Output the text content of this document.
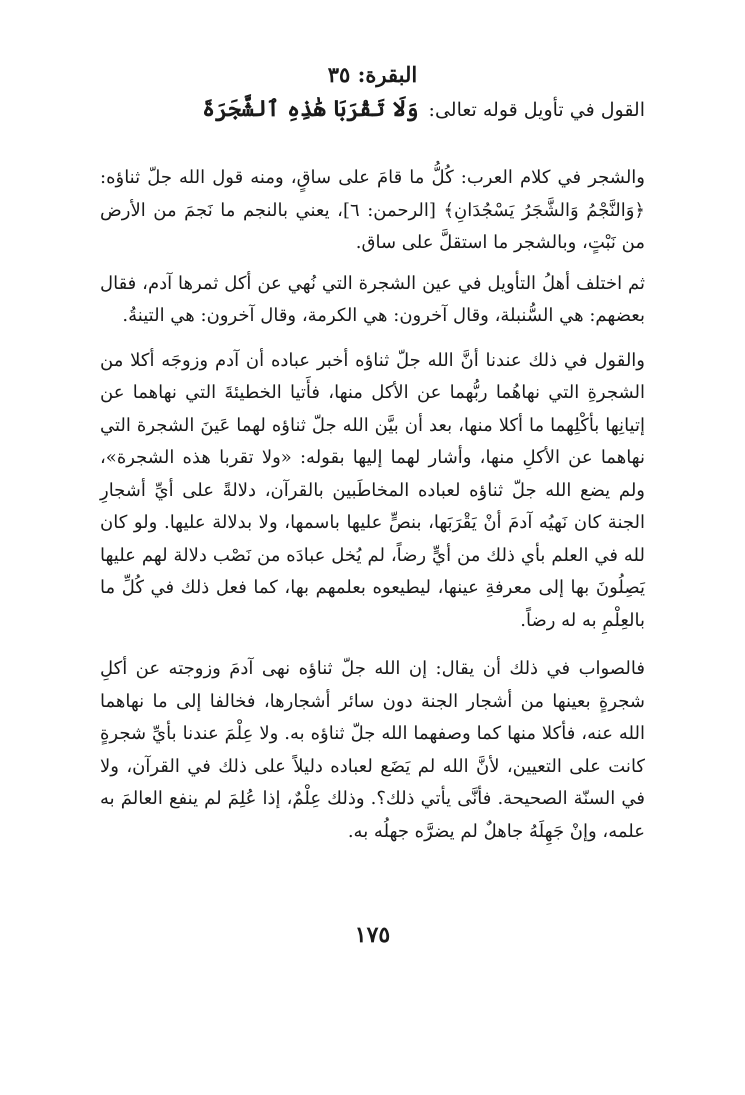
البقرة: ٣٥
القول في تأويل قوله تعالى: وَلَا تَقْرَبَا هَٰذِهِ ٱلشَّجَرَةَ

والشجر في كلام العرب: كُلُّ ما قامَ على ساقٍ، ومنه قول الله جلّ ثناؤه: ﴿وَالنَّجْمُ وَالشَّجَرُ يَسْجُدَانِ﴾ [الرحمن: ٦]، يعني بالنجم ما نَجمَ من الأرض من نَبْتٍ، وبالشجر ما استقلَّ على ساق.

ثم اختلف أهلُ التأويل في عين الشجرة التي نُهي عن أكل ثمرها آدم، فقال بعضهم: هي السُّنبلة، وقال آخرون: هي الكرمة، وقال آخرون: هي التينةُ.

والقول في ذلك عندنا أنَّ الله جلّ ثناؤه أخبر عباده أن آدم وزوجَه أكلا من الشجرةِ التي نهاهُما ربُّهما عن الأكل منها، فأَتيا الخطيئةَ التي نهاهما عن إتيانِها بأكْلِهما ما أكلا منها، بعد أن بيَّن الله جلّ ثناؤه لهما عَينَ الشجرة التي نهاهما عن الأكلِ منها، وأشار لهما إليها بقوله: «ولا تقربا هذه الشجرة»، ولم يضع الله جلّ ثناؤه لعباده المخاطَبين بالقرآن، دلالةً على أيِّ أشجارِ الجنة كان نَهيُه آدمَ أنْ يَقْرَبَها، بنصٍّ عليها باسمها، ولا بدلالة عليها. ولو كان لله في العلم بأي ذلك من أيٍّ رضاً، لم يُخل عبادَه من نَصْب دلالة لهم عليها يَصِلُونَ بها إلى معرفةِ عينها، ليطيعوه بعلمهم بها، كما فعل ذلك في كُلِّ ما بالعِلْمِ به له رضاً.

فالصواب في ذلك أن يقال: إن الله جلّ ثناؤه نهى آدمَ وزوجته عن أكلِ شجرةٍ بعينها من أشجار الجنة دون سائر أشجارها، فخالفا إلى ما نهاهما الله عنه، فأكلا منها كما وصفهما الله جلّ ثناؤه به. ولا عِلْمَ عندنا بأيِّ شجرةٍ كانت على التعيين، لأنَّ الله لم يَضَع لعباده دليلاً على ذلك في القرآن، ولا في السنّة الصحيحة. فأنَّى يأتي ذلك؟. وذلك عِلْمٌ، إذا عُلِمَ لم ينفع العالمَ به علمه، وإنْ جَهِلَهُ جاهلٌ لم يضرَّه جهلُه به.

١٧٥
